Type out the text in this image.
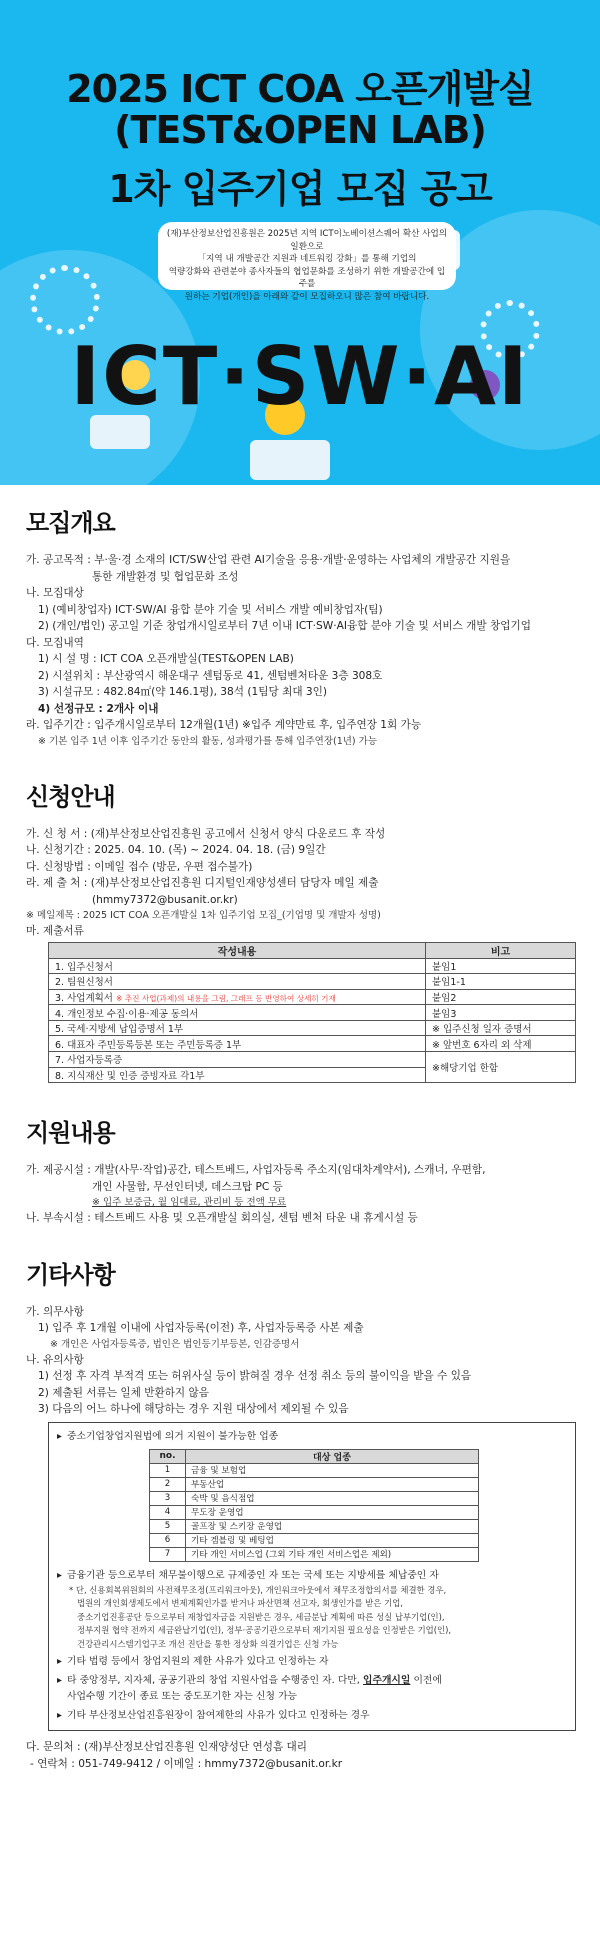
2025 ICT COA 오픈개발실
(TEST&OPEN LAB)
1차 입주기업 모집 공고
(재)부산정보산업진흥원은 2025년 지역 ICT이노베이션스퀘어 확산 사업의 일환으로
「지역 내 개발공간 지원과 네트워킹 강화」를 통해 기업의
역량강화와 관련분야 종사자들의 협업문화를 조성하기 위한 개발공간에 입주를
원하는 기업(개인)을 아래와 같이 모집하오니 많은 참여 바랍니다.
ICT·SW·AI
모집개요
가. 공고목적 : 부·울·경 소재의 ICT/SW산업 관련 AI기술을 응용·개발·운영하는 사업체의 개발공간 지원을
통한 개발환경 및 협업문화 조성
나. 모집대상
1) (예비창업자) ICT·SW/AI 융합 분야 기술 및 서비스 개발 예비창업자(팀)
2) (개인/법인) 공고일 기준 창업개시일로부터 7년 이내 ICT·SW·AI융합 분야 기술 및 서비스 개발 창업기업
다. 모집내역
1) 시 설 명 : ICT COA 오픈개발실(TEST&OPEN LAB)
2) 시설위치 : 부산광역시 해운대구 센텀동로 41, 센텀벤처타운 3층 308호
3) 시설규모 : 482.84㎡(약 146.1평), 38석 (1팀당 최대 3인)
4) 선정규모 : 2개사 이내
라. 입주기간 : 입주개시일로부터 12개월(1년) ※입주 계약만료 후, 입주연장 1회 가능
※ 기본 입주 1년 이후 입주기간 동안의 활동, 성과평가를 통해 입주연장(1년) 가능
신청안내
가. 신 청 서 : (재)부산정보산업진흥원 공고에서 신청서 양식 다운로드 후 작성
나. 신청기간 : 2025. 04. 10. (목) ~ 2024. 04. 18. (금) 9일간
다. 신청방법 : 이메일 접수 (방문, 우편 접수불가)
라. 제 출 처 : (재)부산정보산업진흥원 디지털인재양성센터 담당자 메일 제출
(hmmy7372@busanit.or.kr)
※ 메일제목 : 2025 ICT COA 오픈개발실 1차 입주기업 모집_(기업명 및 개발자 성명)
마. 제출서류
작성내용	비고
1. 입주신청서	붙임1
2. 팀원신청서	붙임1-1
3. 사업계획서 ※ 추진 사업(과제)의 내용을 그림, 그래프 등 반영하여 상세히 기재	붙임2
4. 개인정보 수집·이용·제공 동의서	붙임3
5. 국세·지방세 납입증명서 1부	※ 입주신청 일자 증명서
6. 대표자 주민등록등본 또는 주민등록증 1부	※ 앞번호 6자리 외 삭제
7. 사업자등록증	※해당기업 한함
8. 지식재산 및 인증 증빙자료 각1부	
지원내용
가. 제공시설 : 개발(사무·작업)공간, 테스트베드, 사업자등록 주소지(임대차계약서), 스캐너, 우편함,
개인 사물함, 무선인터넷, 데스크탑 PC 등
※ 입주 보증금, 월 임대료, 관리비 등 전액 무료
나. 부속시설 : 테스트베드 사용 및 오픈개발실 회의실, 센텀 벤처 타운 내 휴게시설 등
기타사항
가. 의무사항
1) 입주 후 1개월 이내에 사업자등록(이전) 후, 사업자등록증 사본 제출
※ 개인은 사업자등록증, 법인은 법인등기부등본, 인감증명서
나. 유의사항
1) 선정 후 자격 부적격 또는 허위사실 등이 밝혀질 경우 선정 취소 등의 불이익을 받을 수 있음
2) 제출된 서류는 일체 반환하지 않음
3) 다음의 어느 하나에 해당하는 경우 지원 대상에서 제외될 수 있음
▸ 중소기업창업지원법에 의거 지원이 불가능한 업종
no.	대상 업종
1	금융 및 보험업
2	부동산업
3	숙박 및 음식점업
4	무도장 운영업
5	골프장 및 스키장 운영업
6	기타 겜블링 및 베팅업
7	기타 개인 서비스업 (그외 기타 개인 서비스업은 제외)
▸ 금융기관 등으로부터 채무불이행으로 규제중인 자 또는 국세 또는 지방세를 체납중인 자
* 단, 신용회복위원회의 사전채무조정(프리워크아웃), 개인워크아웃에서 채무조정합의서를 체결한 경우,
법원의 개인회생제도에서 변제계획인가를 받거나 파산면책 선고자, 회생인가를 받은 기업,
중소기업진흥공단 등으로부터 재창업자금을 지원받은 경우, 세금분납 계획에 따른 성실 납부기업(인),
정부지원 협약 전까지 세금완납기업(인), 정부·공공기관으로부터 재기지원 필요성을 인정받은 기업(인),
건강관리시스템기업구조 개선 진단을 통한 정상화 의결기업은 신청 가능
▸ 기타 법령 등에서 창업지원의 제한 사유가 있다고 인정하는 자
▸ 타 중앙정부, 지자체, 공공기관의 창업 지원사업을 수행중인 자. 다만, 입주개시일 이전에
사업수행 기간이 종료 또는 중도포기한 자는 신청 가능
▸ 기타 부산정보산업진흥원장이 참여제한의 사유가 있다고 인정하는 경우
다. 문의처 : (재)부산정보산업진흥원 인재양성단 연성흠 대리
- 연락처 : 051-749-9412 / 이메일 : hmmy7372@busanit.or.kr
